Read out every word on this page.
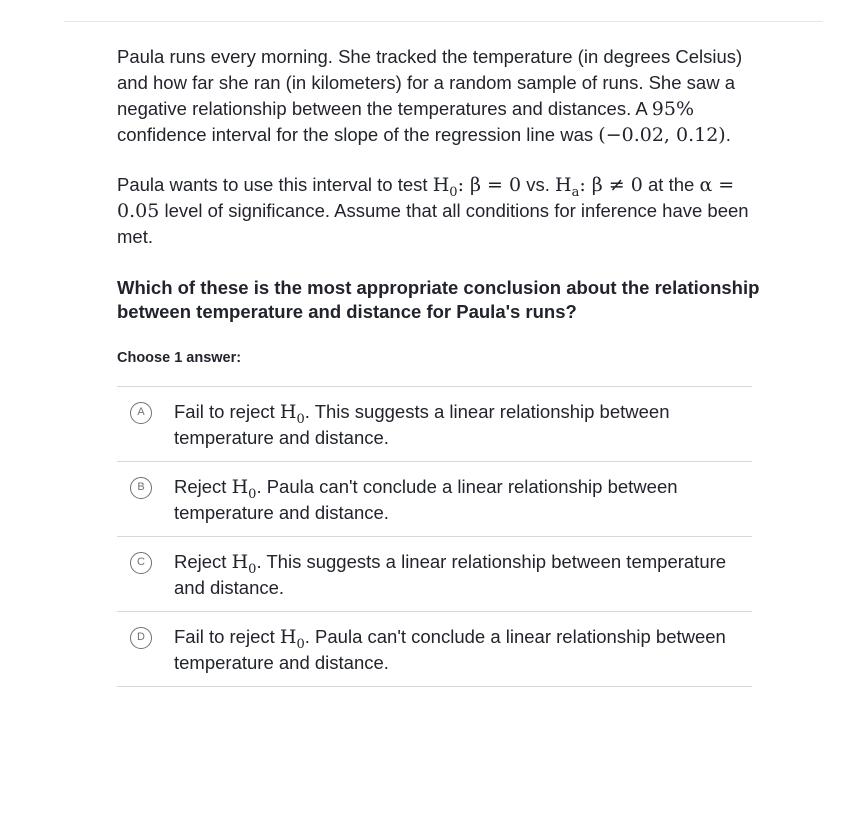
Paula runs every morning. She tracked the temperature (in degrees Celsius) and how far she ran (in kilometers) for a random sample of runs. She saw a negative relationship between the temperatures and distances. A 95% confidence interval for the slope of the regression line was (−0.02, 0.12).

Paula wants to use this interval to test $H_0$: β = 0 vs. $H_a$: β ≠ 0 at the α = 0.05 level of significance. Assume that all conditions for inference have been met.

Which of these is the most appropriate conclusion about the relationship between temperature and distance for Paula's runs?
Choose 1 answer:
A	Fail to reject $H_0$. This suggests a linear relationship between temperature and distance.
B	Reject $H_0$. Paula can't conclude a linear relationship between temperature and distance.
C	Reject $H_0$. This suggests a linear relationship between temperature and distance.
D	Fail to reject $H_0$. Paula can't conclude a linear relationship between temperature and distance.
